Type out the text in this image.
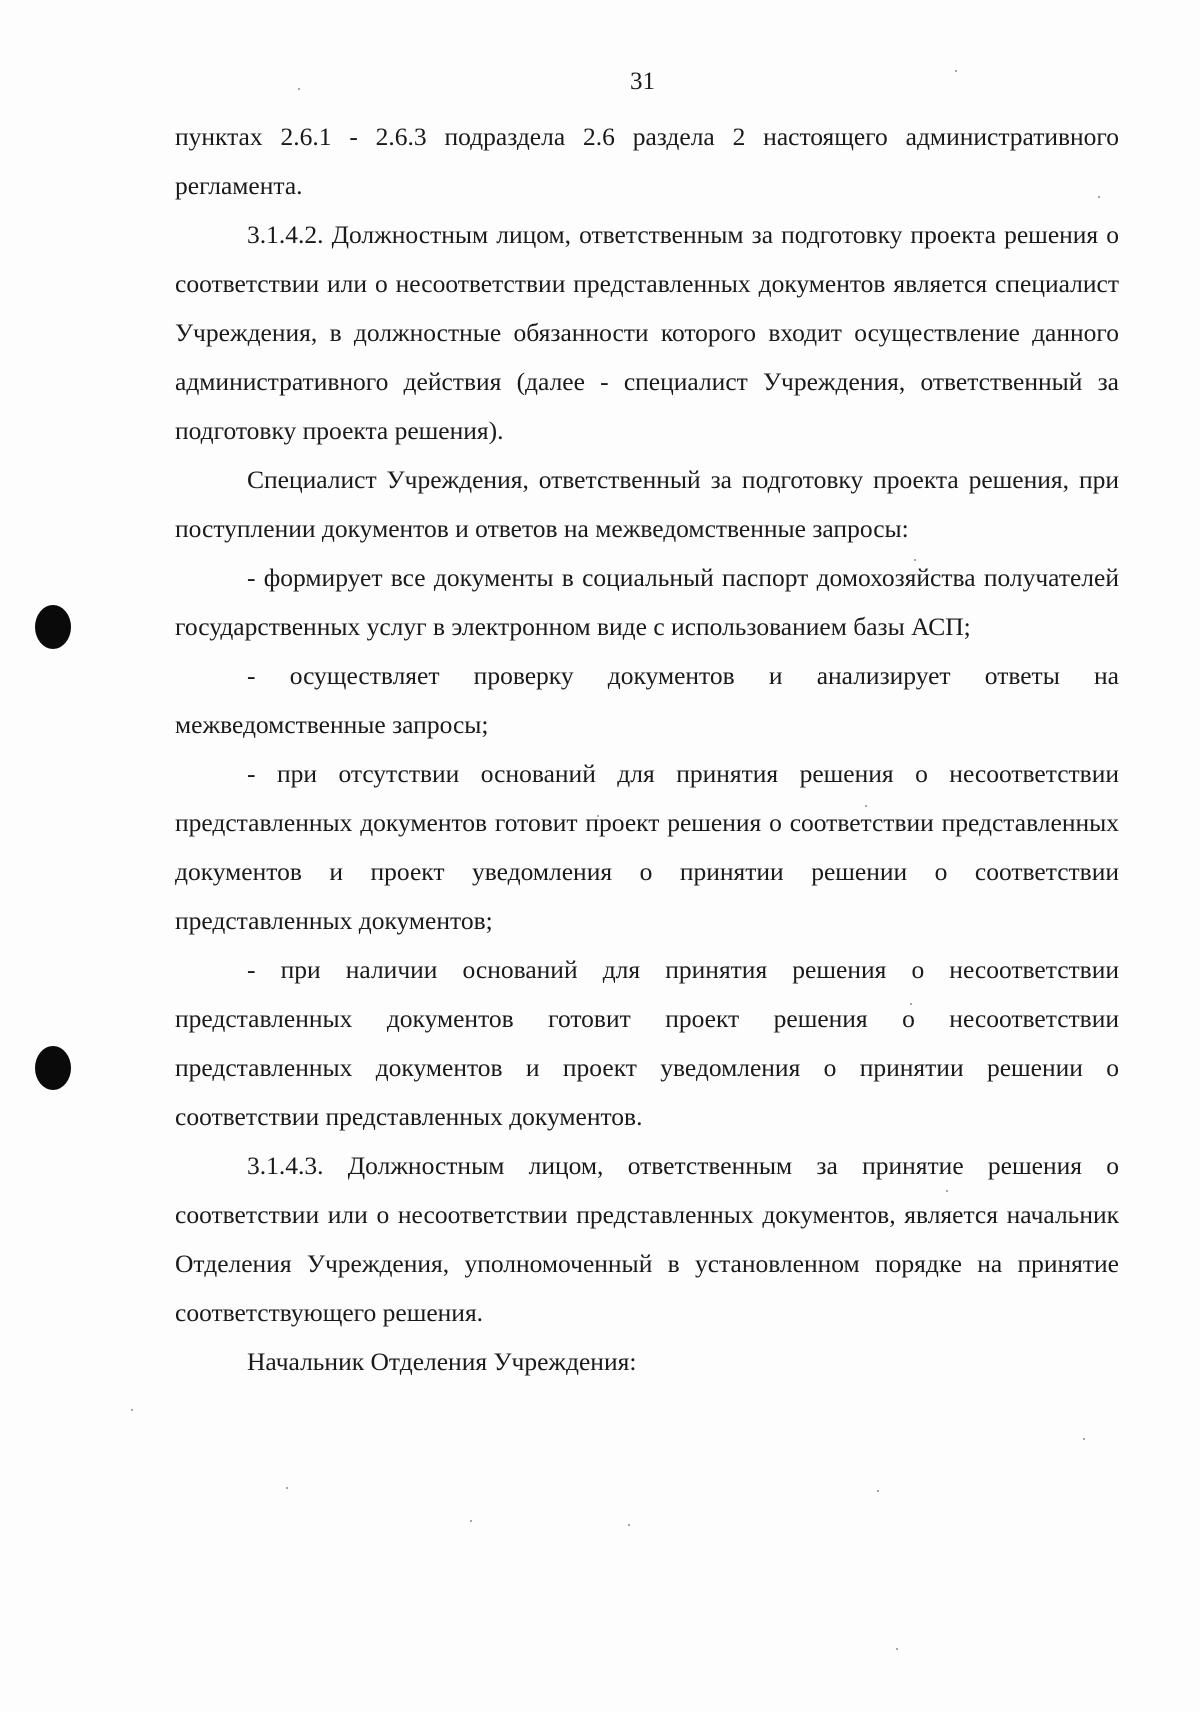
31

пунктах 2.6.1 - 2.6.3 подраздела 2.6 раздела 2 настоящего административного регламента.

3.1.4.2. Должностным лицом, ответственным за подготовку проекта решения о соответствии или о несоответствии представленных документов является специалист Учреждения, в должностные обязанности которого входит осуществление данного административного действия (далее - специалист Учреждения, ответственный за подготовку проекта решения).

Специалист Учреждения, ответственный за подготовку проекта решения, при поступлении документов и ответов на межведомственные запросы:

- формирует все документы в социальный паспорт домохозяйства получателей государственных услуг в электронном виде с использованием базы АСП;

- осуществляет проверку документов и анализирует ответы на межведомственные запросы;

- при отсутствии оснований для принятия решения о несоответствии представленных документов готовит проект решения о соответствии представленных документов и проект уведомления о принятии решении о соответствии представленных документов;

- при наличии оснований для принятия решения о несоответствии представленных документов готовит проект решения о несоответствии представленных документов и проект уведомления о принятии решении о соответствии представленных документов.

3.1.4.3. Должностным лицом, ответственным за принятие решения о соответствии или о несоответствии представленных документов, является начальник Отделения Учреждения, уполномоченный в установленном порядке на принятие соответствующего решения.

Начальник Отделения Учреждения:
